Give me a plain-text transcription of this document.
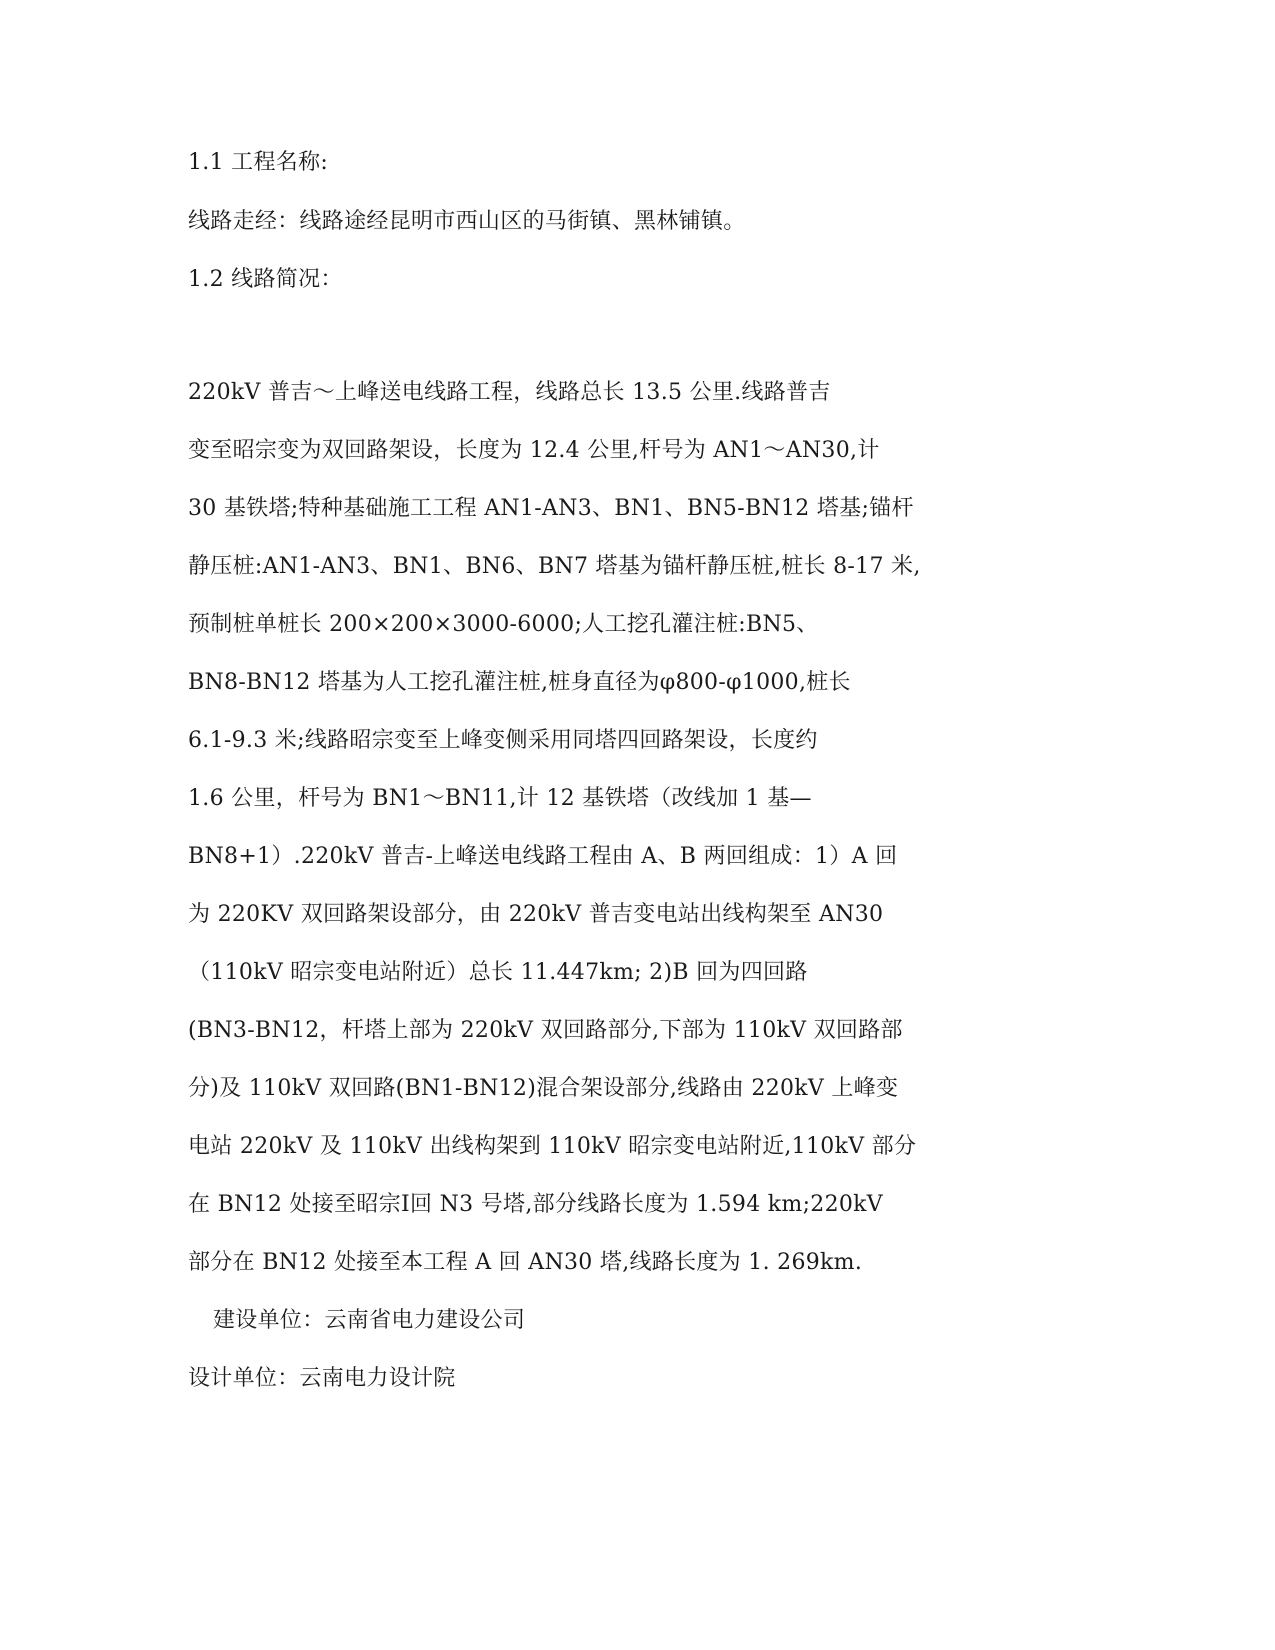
1.1 工程名称:
线路走经：线路途经昆明市西山区的马街镇、黑林铺镇。
1.2 线路简况：
220kV 普吉～上峰送电线路工程，线路总长 13.5 公里.线路普吉
变至昭宗变为双回路架设，长度为 12.4 公里,杆号为 AN1～AN30,计
30 基铁塔;特种基础施工工程 AN1-AN3、BN1、BN5-BN12 塔基;锚杆
静压桩:AN1-AN3、BN1、BN6、BN7 塔基为锚杆静压桩,桩长 8-17 米,
预制桩单桩长 200×200×3000-6000;人工挖孔灌注桩:BN5、
BN8-BN12 塔基为人工挖孔灌注桩,桩身直径为φ800-φ1000,桩长
6.1-9.3 米;线路昭宗变至上峰变侧采用同塔四回路架设，长度约
1.6 公里，杆号为 BN1～BN11,计 12 基铁塔（改线加 1 基—
BN8+1）.220kV 普吉-上峰送电线路工程由 A、B 两回组成：1）A 回
为 220KV 双回路架设部分，由 220kV 普吉变电站出线构架至 AN30
（110kV 昭宗变电站附近）总长 11.447km; 2)B 回为四回路
(BN3-BN12，杆塔上部为 220kV 双回路部分,下部为 110kV 双回路部
分)及 110kV 双回路(BN1-BN12)混合架设部分,线路由 220kV 上峰变
电站 220kV 及 110kV 出线构架到 110kV 昭宗变电站附近,110kV 部分
在 BN12 处接至昭宗Ⅰ回 N3 号塔,部分线路长度为 1.594 km;220kV
部分在 BN12 处接至本工程 A 回 AN30 塔,线路长度为 1. 269km.
建设单位：云南省电力建设公司
设计单位：云南电力设计院
